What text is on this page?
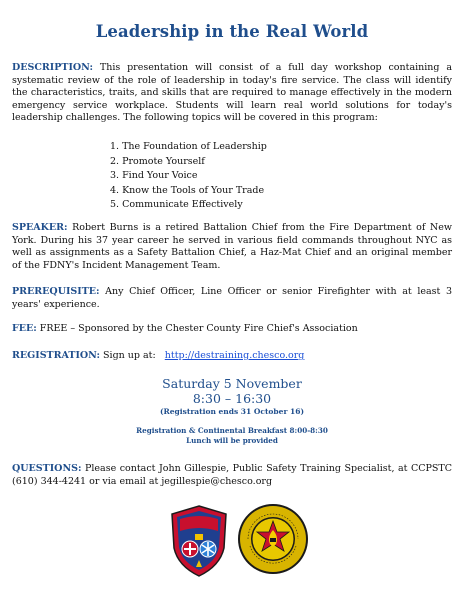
Leadership in the Real World
DESCRIPTION: This presentation will consist of a full day workshop containing a systematic review of the role of leadership in today's fire service. The class will identify the characteristics, traits, and skills that are required to manage effectively in the modern emergency service workplace. Students will learn real world solutions for today's leadership challenges. The following topics will be covered in this program:
1. The Foundation of Leadership
2. Promote Yourself
3. Find Your Voice
4. Know the Tools of Your Trade
5. Communicate Effectively
SPEAKER: Robert Burns is a retired Battalion Chief from the Fire Department of New York. During his 37 year career he served in various field commands throughout NYC as well as assignments as a Safety Battalion Chief, a Haz-Mat Chief and an original member of the FDNY's Incident Management Team.
PREREQUISITE: Any Chief Officer, Line Officer or senior Firefighter with at least 3 years' experience.
FEE: FREE – Sponsored by the Chester County Fire Chief's Association
REGISTRATION: Sign up at:   http://destraining.chesco.org
Saturday 5 November
8:30 – 16:30
(Registration ends 31 October 16)
Registration & Continental Breakfast 8:00-8:30
Lunch will be provided
QUESTIONS: Please contact John Gillespie, Public Safety Training Specialist, at CCPSTC (610) 344-4241 or via email at jegillespie@chesco.org
